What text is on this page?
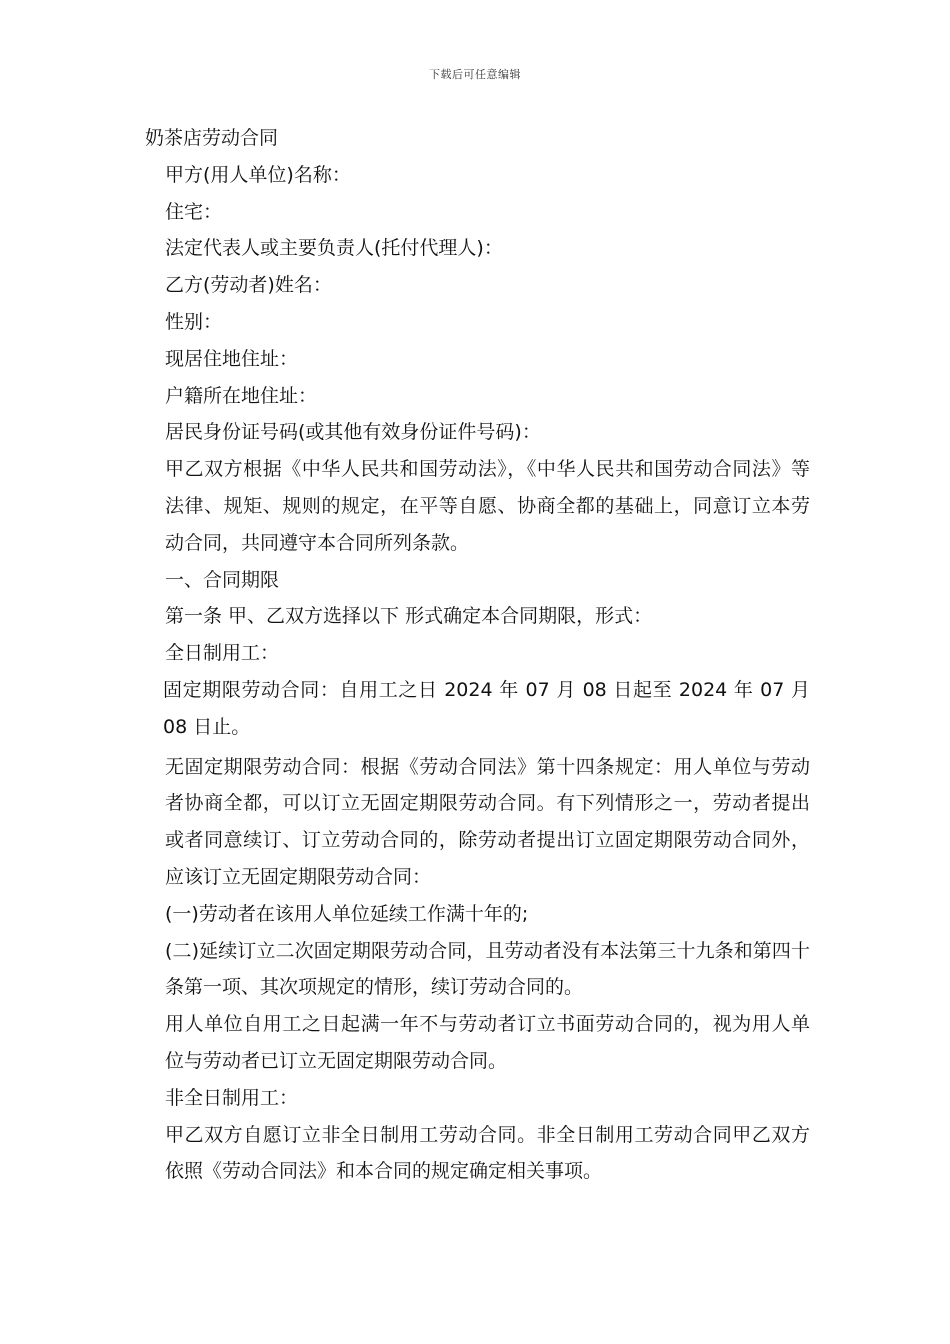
下载后可任意编辑
奶茶店劳动合同

甲方(用人单位)名称：

住宅：

法定代表人或主要负责人(托付代理人)：

乙方(劳动者)姓名：

性别：

现居住地住址：

户籍所在地住址：

居民身份证号码(或其他有效身份证件号码)：

甲乙双方根据《中华人民共和国劳动法》，《中华人民共和国劳动合同法》等法律、规矩、规则的规定，在平等自愿、协商全都的基础上，同意订立本劳动合同，共同遵守本合同所列条款。

一、合同期限

第一条 甲、乙双方选择以下 形式确定本合同期限，形式：

全日制用工：

固定期限劳动合同：自用工之日 2024 年 07 月 08 日起至 2024 年 07 月 08 日止。

无固定期限劳动合同：根据《劳动合同法》第十四条规定：用人单位与劳动者协商全都，可以订立无固定期限劳动合同。有下列情形之一，劳动者提出或者同意续订、订立劳动合同的，除劳动者提出订立固定期限劳动合同外，应该订立无固定期限劳动合同：

(一)劳动者在该用人单位延续工作满十年的;

(二)延续订立二次固定期限劳动合同，且劳动者没有本法第三十九条和第四十条第一项、其次项规定的情形，续订劳动合同的。

用人单位自用工之日起满一年不与劳动者订立书面劳动合同的，视为用人单位与劳动者已订立无固定期限劳动合同。

非全日制用工：

甲乙双方自愿订立非全日制用工劳动合同。非全日制用工劳动合同甲乙双方依照《劳动合同法》和本合同的规定确定相关事项。
